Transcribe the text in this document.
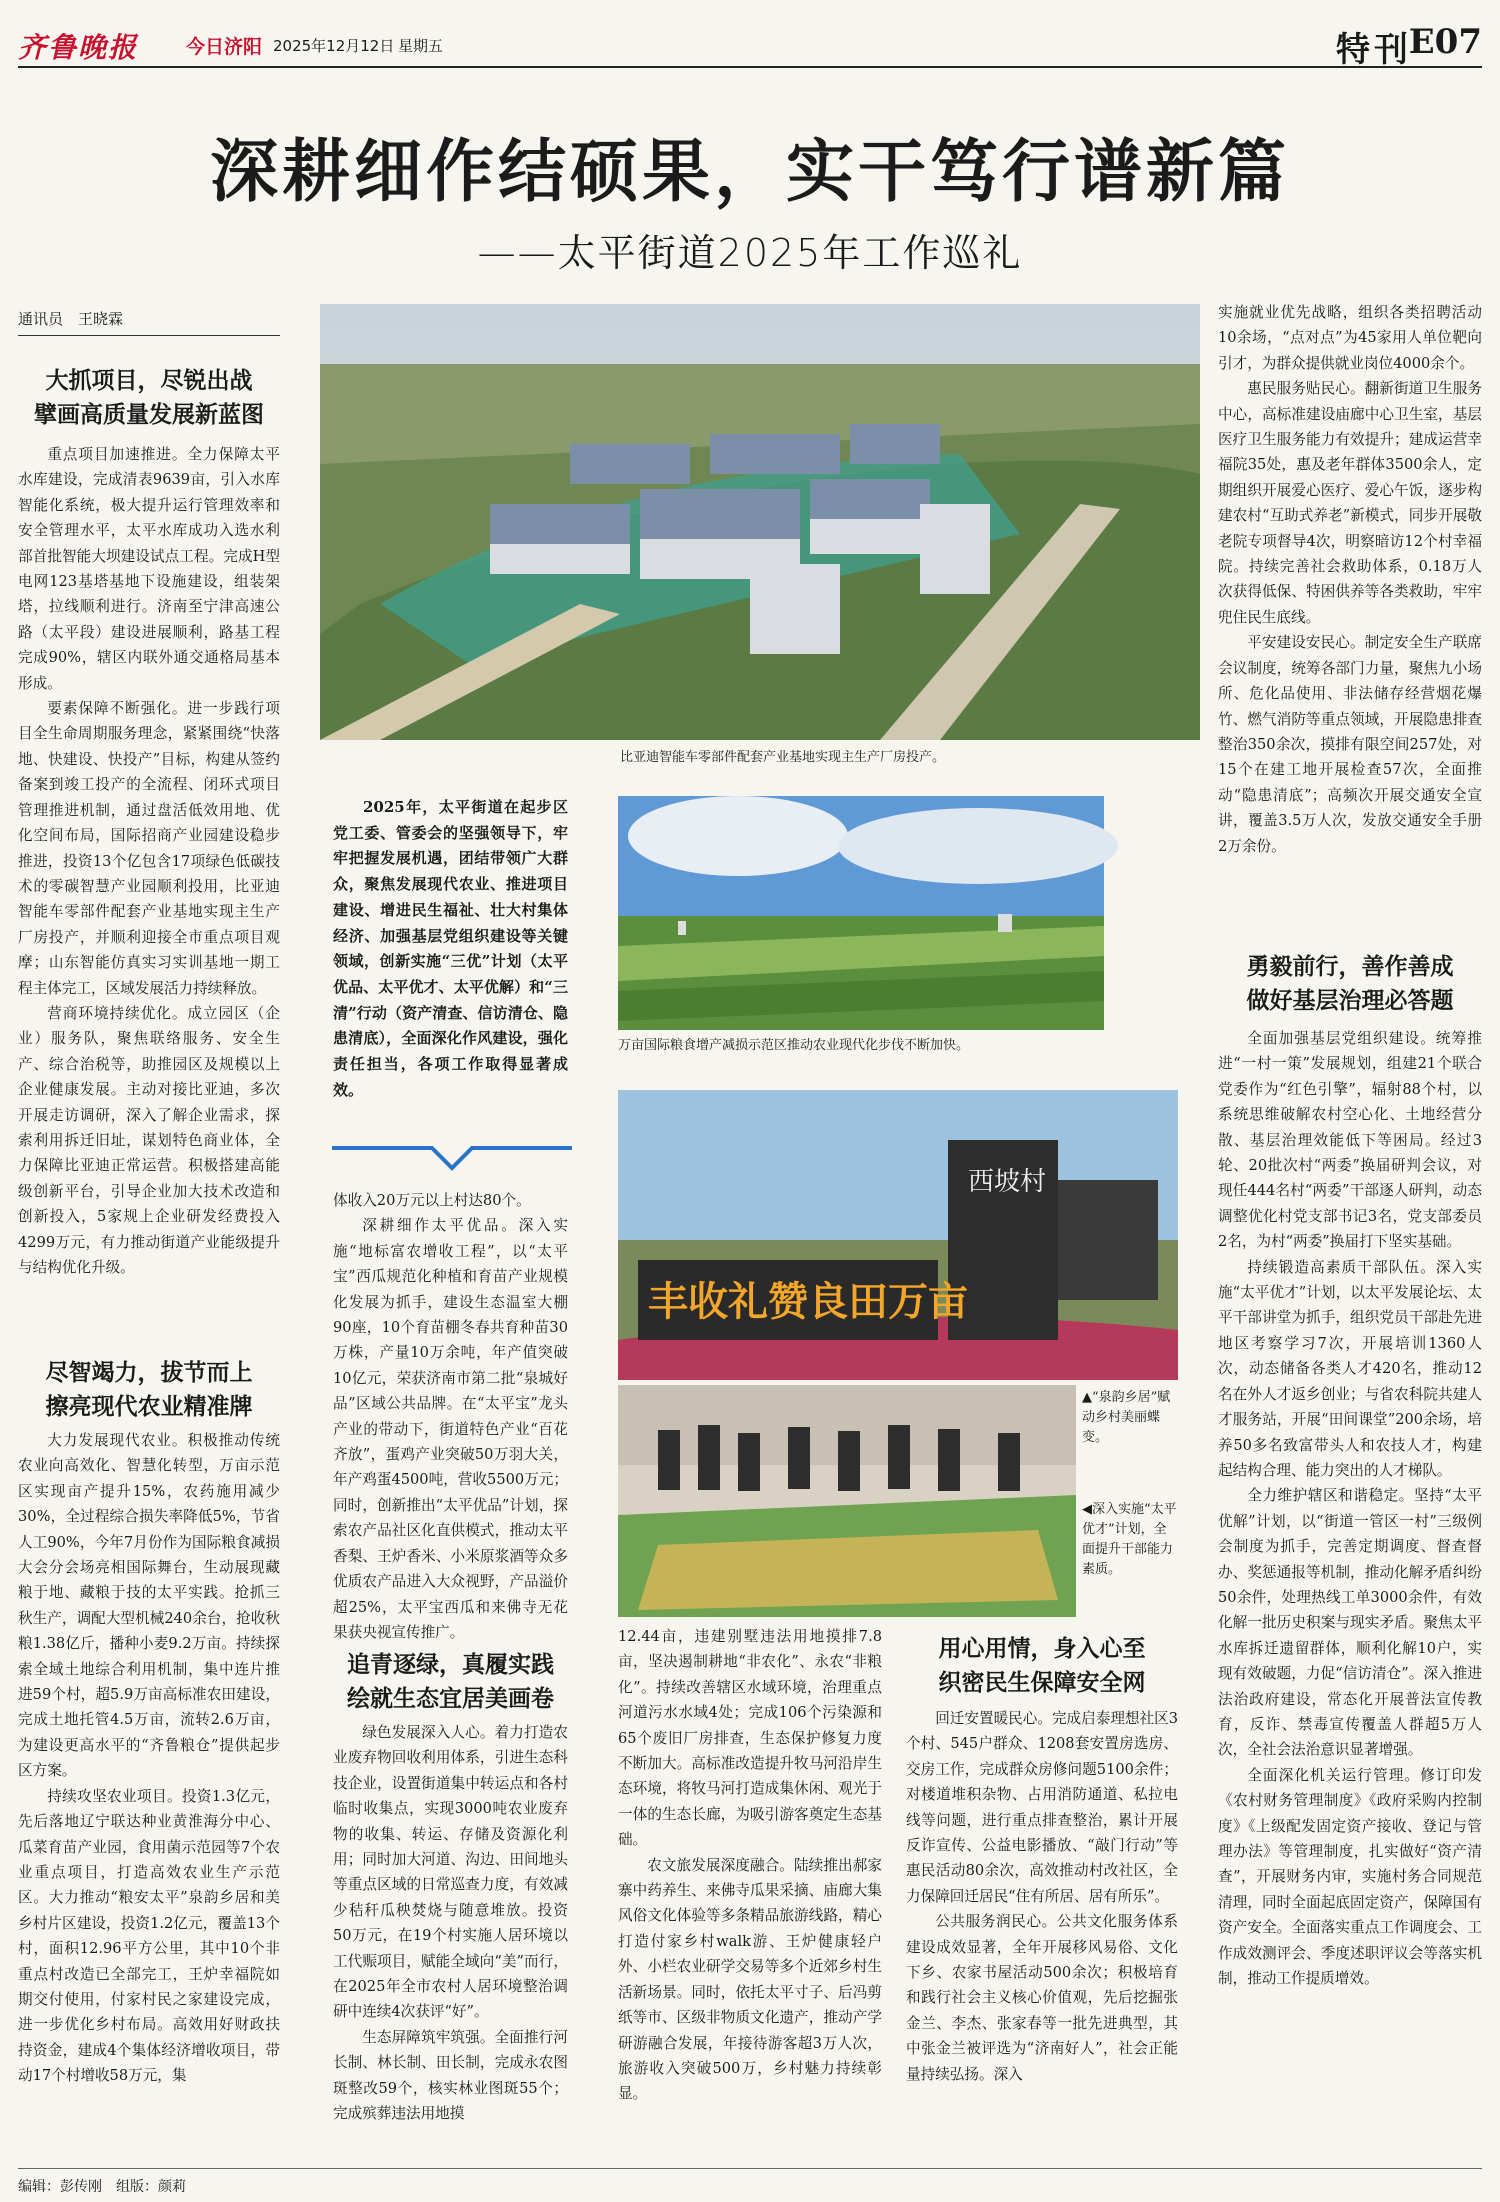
齐鲁晚报	今日济阳 2025年12月12日 星期五	特刊
E07
深耕细作结硕果，实干笃行谱新篇
——太平街道2025年工作巡礼
通讯员　王晓霖
大抓项目，尽锐出战
擘画高质量发展新蓝图

重点项目加速推进。全力保障太平水库建设，完成清表9639亩，引入水库智能化系统，极大提升运行管理效率和安全管理水平，太平水库成功入选水利部首批智能大坝建设试点工程。完成H型电网123基塔基地下设施建设，组装架塔，拉线顺利进行。济南至宁津高速公路（太平段）建设进展顺利，路基工程完成90%，辖区内联外通交通格局基本形成。

要素保障不断强化。进一步践行项目全生命周期服务理念，紧紧围绕“快落地、快建设、快投产”目标，构建从签约备案到竣工投产的全流程、闭环式项目管理推进机制，通过盘活低效用地、优化空间布局，国际招商产业园建设稳步推进，投资13个亿包含17项绿色低碳技术的零碳智慧产业园顺利投用，比亚迪智能车零部件配套产业基地实现主生产厂房投产，并顺利迎接全市重点项目观摩；山东智能仿真实习实训基地一期工程主体完工，区域发展活力持续释放。

营商环境持续优化。成立园区（企业）服务队，聚焦联络服务、安全生产、综合治税等，助推园区及规模以上企业健康发展。主动对接比亚迪，多次开展走访调研，深入了解企业需求，探索利用拆迁旧址，谋划特色商业体，全力保障比亚迪正常运营。积极搭建高能级创新平台，引导企业加大技术改造和创新投入，5家规上企业研发经费投入4299万元，有力推动街道产业能级提升与结构优化升级。

尽智竭力，拔节而上
擦亮现代农业精准牌

大力发展现代农业。积极推动传统农业向高效化、智慧化转型，万亩示范区实现亩产提升15%，农药施用减少30%，全过程综合损失率降低5%，节省人工90%，今年7月份作为国际粮食减损大会分会场亮相国际舞台，生动展现藏粮于地、藏粮于技的太平实践。抢抓三秋生产，调配大型机械240余台，抢收秋粮1.38亿斤，播种小麦9.2万亩。持续探索全域土地综合利用机制，集中连片推进59个村，超5.9万亩高标准农田建设，完成土地托管4.5万亩，流转2.6万亩，为建设更高水平的“齐鲁粮仓”提供起步区方案。

持续攻坚农业项目。投资1.3亿元，先后落地辽宁联达种业黄淮海分中心、瓜菜育苗产业园，食用菌示范园等7个农业重点项目，打造高效农业生产示范区。大力推动“粮安太平”泉韵乡居和美乡村片区建设，投资1.2亿元，覆盖13个村，面积12.96平方公里，其中10个非重点村改造已全部完工，王炉幸福院如期交付使用，付家村民之家建设完成，进一步优化乡村布局。高效用好财政扶持资金，建成4个集体经济增收项目，带动17个村增收58万元，集

比亚迪智能车零部件配套产业基地实现主生产厂房投产。

2025年，太平街道在起步区党工委、管委会的坚强领导下，牢牢把握发展机遇，团结带领广大群众，聚焦发展现代农业、推进项目建设、增进民生福祉、壮大村集体经济、加强基层党组织建设等关键领域，创新实施“三优”计划（太平优品、太平优才、太平优解）和“三清”行动（资产清查、信访清仓、隐患清底），全面深化作风建设，强化责任担当，各项工作取得显著成效。

体收入20万元以上村达80个。

深耕细作太平优品。深入实施“地标富农增收工程”，以“太平宝”西瓜规范化种植和育苗产业规模化发展为抓手，建设生态温室大棚90座，10个育苗棚冬春共育种苗30万株，产量10万余吨，年产值突破10亿元，荣获济南市第二批“泉城好品”区域公共品牌。在“太平宝”龙头产业的带动下，街道特色产业“百花齐放”，蛋鸡产业突破50万羽大关，年产鸡蛋4500吨，营收5500万元；同时，创新推出“太平优品”计划，探索农产品社区化直供模式，推动太平香梨、王炉香米、小米原浆酒等众多优质农产品进入大众视野，产品溢价超25%，太平宝西瓜和来佛寺无花果获央视宣传推广。

追青逐绿，真履实践
绘就生态宜居美画卷

绿色发展深入人心。着力打造农业废弃物回收利用体系，引进生态科技企业，设置街道集中转运点和各村临时收集点，实现3000吨农业废弃物的收集、转运、存储及资源化利用；同时加大河道、沟边、田间地头等重点区域的日常巡查力度，有效减少秸秆瓜秧焚烧与随意堆放。投资50万元，在19个村实施人居环境以工代赈项目，赋能全域向“美”而行，在2025年全市农村人居环境整治调研中连续4次获评“好”。

生态屏障筑牢筑强。全面推行河长制、林长制、田长制，完成永农图斑整改59个，核实林业图斑55个；完成殡葬违法用地摸

万亩国际粮食增产减损示范区推动农业现代化步伐不断加快。
丰收礼赞良田万亩
西坡村
▲“泉韵乡居”赋动乡村美丽蝶变。
◀深入实施“太平优才”计划，全面提升干部能力素质。

12.44亩，违建别墅违法用地摸排7.8亩，坚决遏制耕地“非农化”、永农“非粮化”。持续改善辖区水域环境，治理重点河道污水水域4处；完成106个污染源和65个废旧厂房排查，生态保护修复力度不断加大。高标准改造提升牧马河沿岸生态环境，将牧马河打造成集休闲、观光于一体的生态长廊，为吸引游客奠定生态基础。

农文旅发展深度融合。陆续推出郝家寨中药养生、来佛寺瓜果采摘、庙廊大集风俗文化体验等多条精品旅游线路，精心打造付家乡村walk游、王炉健康轻户外、小栏农业研学交易等多个近郊乡村生活新场景。同时，依托太平寸子、后冯剪纸等市、区级非物质文化遗产，推动产学研游融合发展，年接待游客超3万人次，旅游收入突破500万，乡村魅力持续彰显。

用心用情，身入心至
织密民生保障安全网

回迁安置暖民心。完成启泰理想社区3个村、545户群众、1208套安置房选房、交房工作，完成群众房修问题5100余件；对楼道堆积杂物、占用消防通道、私拉电线等问题，进行重点排查整治，累计开展反诈宣传、公益电影播放、“敲门行动”等惠民活动80余次，高效推动村改社区，全力保障回迁居民“住有所居、居有所乐”。

公共服务润民心。公共文化服务体系建设成效显著，全年开展移风易俗、文化下乡、农家书屋活动500余次；积极培育和践行社会主义核心价值观，先后挖掘张金兰、李杰、张家春等一批先进典型，其中张金兰被评选为“济南好人”，社会正能量持续弘扬。深入

实施就业优先战略，组织各类招聘活动10余场，“点对点”为45家用人单位靶向引才，为群众提供就业岗位4000余个。

惠民服务贴民心。翻新街道卫生服务中心，高标准建设庙廊中心卫生室，基层医疗卫生服务能力有效提升；建成运营幸福院35处，惠及老年群体3500余人，定期组织开展爱心医疗、爱心午饭，逐步构建农村“互助式养老”新模式，同步开展敬老院专项督导4次，明察暗访12个村幸福院。持续完善社会救助体系，0.18万人次获得低保、特困供养等各类救助，牢牢兜住民生底线。

平安建设安民心。制定安全生产联席会议制度，统筹各部门力量，聚焦九小场所、危化品使用、非法储存经营烟花爆竹、燃气消防等重点领域，开展隐患排查整治350余次，摸排有限空间257处，对15个在建工地开展检查57次，全面推动“隐患清底”；高频次开展交通安全宣讲，覆盖3.5万人次，发放交通安全手册2万余份。

勇毅前行，善作善成
做好基层治理必答题

全面加强基层党组织建设。统筹推进“一村一策”发展规划，组建21个联合党委作为“红色引擎”，辐射88个村，以系统思维破解农村空心化、土地经营分散、基层治理效能低下等困局。经过3轮、20批次村“两委”换届研判会议，对现任444名村“两委”干部逐人研判，动态调整优化村党支部书记3名，党支部委员2名，为村“两委”换届打下坚实基础。

持续锻造高素质干部队伍。深入实施“太平优才”计划，以太平发展论坛、太平干部讲堂为抓手，组织党员干部赴先进地区考察学习7次，开展培训1360人次，动态储备各类人才420名，推动12名在外人才返乡创业；与省农科院共建人才服务站，开展“田间课堂”200余场，培养50多名致富带头人和农技人才，构建起结构合理、能力突出的人才梯队。

全力维护辖区和谐稳定。坚持“太平优解”计划，以“街道一管区一村”三级例会制度为抓手，完善定期调度、督查督办、奖惩通报等机制，推动化解矛盾纠纷50余件，处理热线工单3000余件，有效化解一批历史积案与现实矛盾。聚焦太平水库拆迁遗留群体，顺利化解10户，实现有效破题，力促“信访清仓”。深入推进法治政府建设，常态化开展普法宣传教育，反诈、禁毒宣传覆盖人群超5万人次，全社会法治意识显著增强。

全面深化机关运行管理。修订印发《农村财务管理制度》《政府采购内控制度》《上级配发固定资产接收、登记与管理办法》等管理制度，扎实做好“资产清查”，开展财务内审，实施村务合同规范清理，同时全面起底固定资产，保障国有资产安全。全面落实重点工作调度会、工作成效测评会、季度述职评议会等落实机制，推动工作提质增效。

编辑：彭传刚　组版：颜莉
